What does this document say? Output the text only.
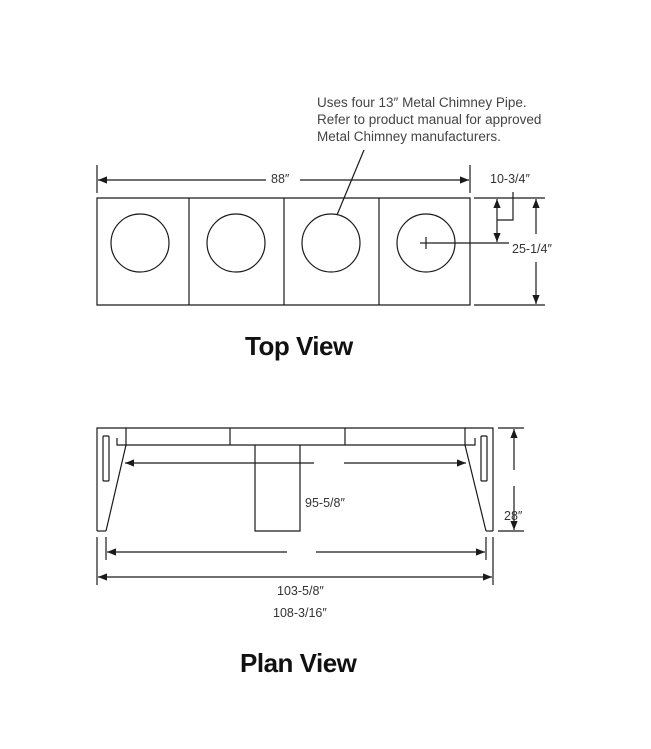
Uses four 13″ Metal Chimney Pipe.
Refer to product manual for approved
Metal Chimney manufacturers.
88″	10-3/4″
25-1/4″
Top View
95-5/8″
28″
103-5/8″
108-3/16″
Plan View
